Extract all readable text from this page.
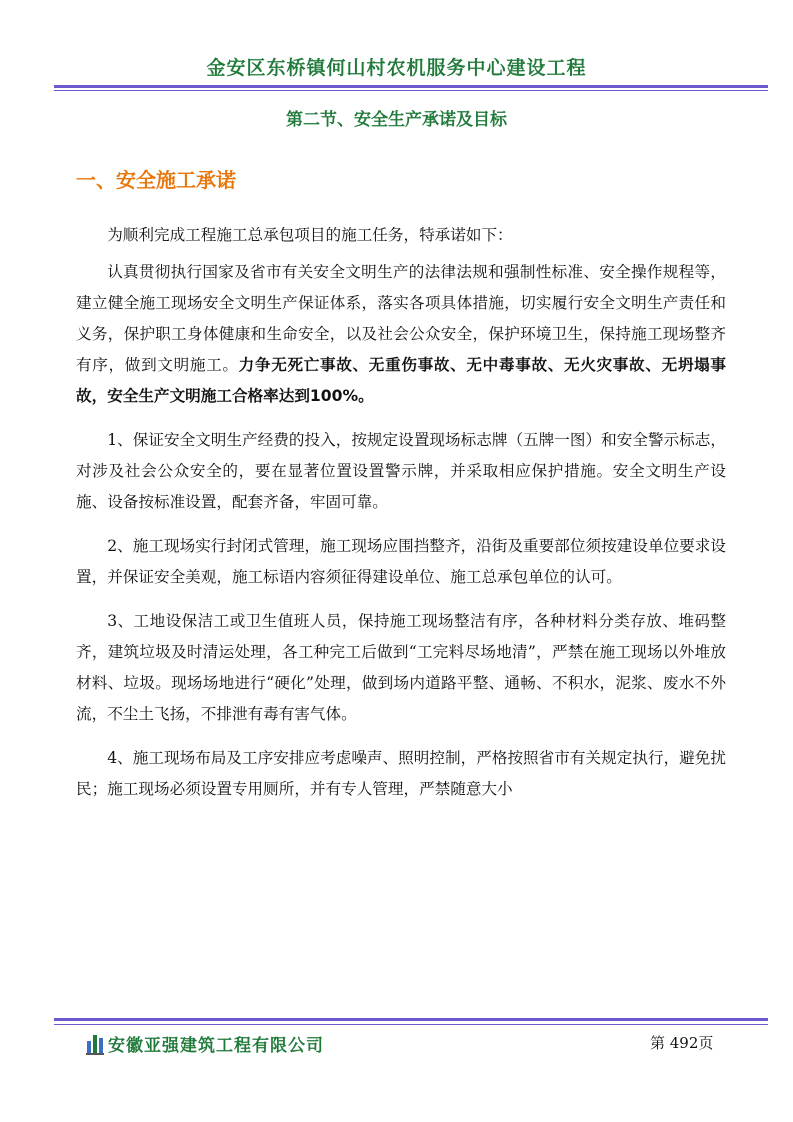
金安区东桥镇何山村农机服务中心建设工程
第二节、安全生产承诺及目标
一、安全施工承诺

为顺利完成工程施工总承包项目的施工任务，特承诺如下：

认真贯彻执行国家及省市有关安全文明生产的法律法规和强制性标准、安全操作规程等，建立健全施工现场安全文明生产保证体系，落实各项具体措施，切实履行安全文明生产责任和义务，保护职工身体健康和生命安全，以及社会公众安全，保护环境卫生，保持施工现场整齐有序，做到文明施工。力争无死亡事故、无重伤事故、无中毒事故、无火灾事故、无坍塌事故，安全生产文明施工合格率达到100%。

1、保证安全文明生产经费的投入，按规定设置现场标志牌（五牌一图）和安全警示标志，对涉及社会公众安全的，要在显著位置设置警示牌，并采取相应保护措施。安全文明生产设施、设备按标准设置，配套齐备，牢固可靠。

2、施工现场实行封闭式管理，施工现场应围挡整齐，沿街及重要部位须按建设单位要求设置，并保证安全美观，施工标语内容须征得建设单位、施工总承包单位的认可。

3、工地设保洁工或卫生值班人员，保持施工现场整洁有序，各种材料分类存放、堆码整齐，建筑垃圾及时清运处理，各工种完工后做到“工完料尽场地清”，严禁在施工现场以外堆放材料、垃圾。现场场地进行“硬化”处理，做到场内道路平整、通畅、不积水，泥浆、废水不外流，不尘土飞扬，不排泄有毒有害气体。

4、施工现场布局及工序安排应考虑噪声、照明控制，严格按照省市有关规定执行，避免扰民；施工现场必须设置专用厕所，并有专人管理，严禁随意大小

安徽亚强建筑工程有限公司	第 492页
